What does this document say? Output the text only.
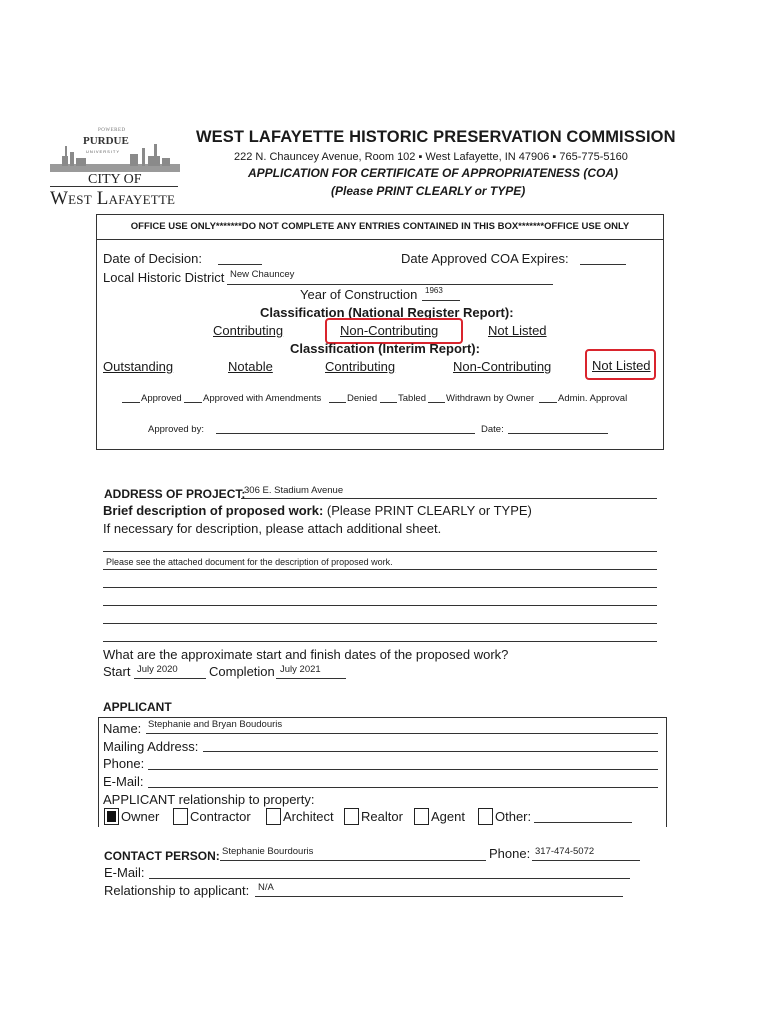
POWERED
PURDUE
UNIVERSITY
CITY OF
West Lafayette
WEST LAFAYETTE HISTORIC PRESERVATION COMMISSION
222 N. Chauncey Avenue, Room 102 ▪ West Lafayette, IN 47906 ▪ 765-775-5160
APPLICATION FOR CERTIFICATE OF APPROPRIATENESS (COA)
(Please PRINT CLEARLY or TYPE)
OFFICE USE ONLY*******DO NOT COMPLETE ANY ENTRIES CONTAINED IN THIS BOX*******OFFICE USE ONLY
Date of Decision:	Date Approved COA Expires:
Local Historic District New Chauncey
Year of Construction 1963
Classification (National Register Report):
Contributing	Non-Contributing	Not Listed
Classification (Interim Report):
Outstanding	Notable	Contributing	Non-Contributing	Not Listed
Approved Approved with Amendments	Denied Tabled Withdrawn by Owner	Admin. Approval
Approved by:	Date:
ADDRESS OF PROJECT:
306 E. Stadium Avenue
Brief description of proposed work: (Please PRINT CLEARLY or TYPE)
If necessary for description, please attach additional sheet.
Please see the attached document for the description of proposed work.
What are the approximate start and finish dates of the proposed work?
Start July 2020 Completion July 2021
APPLICANT
Name: Stephanie and Bryan Boudouris
Mailing Address:
Phone:
E-Mail:
APPLICANT relationship to property:
Owner Contractor Architect Realtor Agent Other:
CONTACT PERSON: Stephanie Bourdouris	Phone: 317-474-5072
E-Mail:
Relationship to applicant: N/A
